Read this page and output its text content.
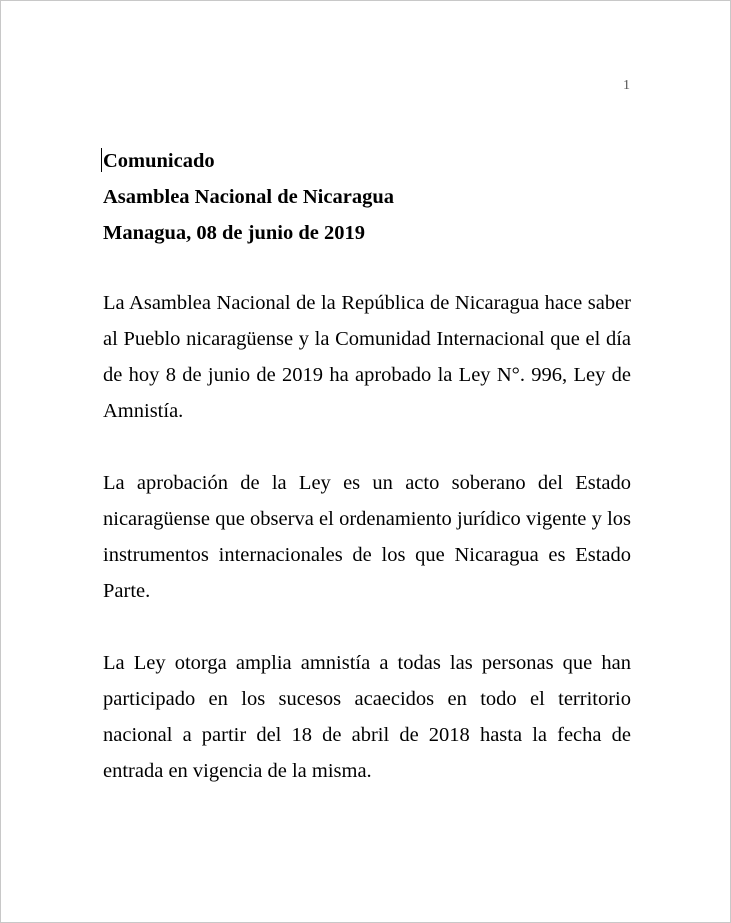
1
Comunicado
Asamblea Nacional de Nicaragua
Managua, 08 de junio de 2019

La Asamblea Nacional de la República de Nicaragua hace saber al Pueblo nicaragüense y la Comunidad Internacional que el día de hoy 8 de junio de 2019 ha aprobado la Ley N°. 996, Ley de Amnistía.

La aprobación de la Ley es un acto soberano del Estado nicaragüense que observa el ordenamiento jurídico vigente y los instrumentos internacionales de los que Nicaragua es Estado Parte.

La Ley otorga amplia amnistía a todas las personas que han participado en los sucesos acaecidos en todo el territorio nacional a partir del 18 de abril de 2018 hasta la fecha de entrada en vigencia de la misma.
